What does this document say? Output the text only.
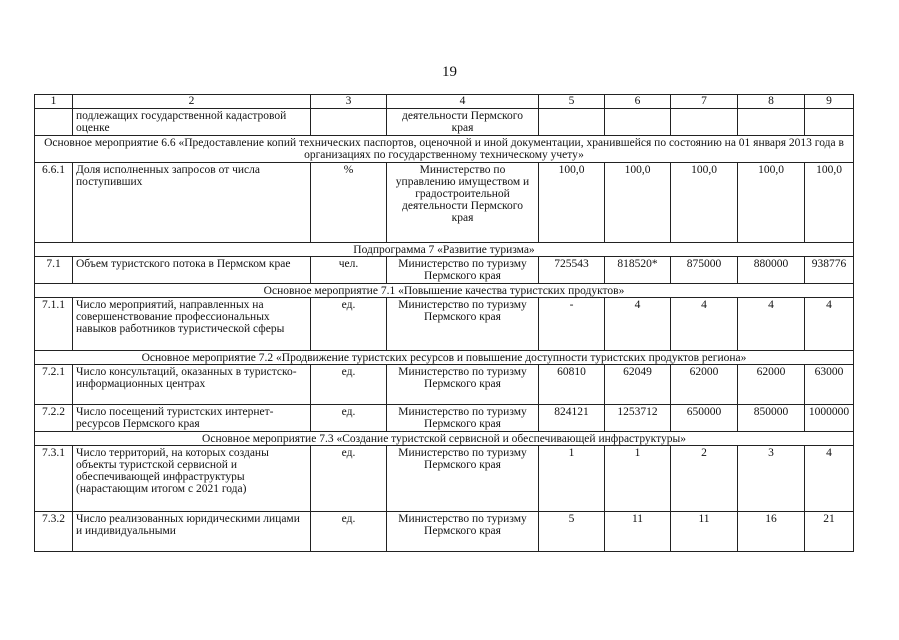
19
1	2	3	4	5	6	7	8	9
	подлежащих государственной кадастровой оценке		деятельности Пермского края					
Основное мероприятие 6.6 «Предоставление копий технических паспортов, оценочной и иной документации, хранившейся по состоянию на 01 января 2013 года в организациях по государственному техническому учету»								
6.6.1	Доля исполненных запросов от числа поступивших	%	Министерство по управлению имуществом и градостроительной деятельности Пермского края	100,0	100,0	100,0	100,0	100,0
Подпрограмма 7 «Развитие туризма»								
7.1	Объем туристского потока в Пермском крае	чел.	Министерство по туризму Пермского края	725543	818520*	875000	880000	938776
Основное мероприятие 7.1 «Повышение качества туристских продуктов»								
7.1.1	Число мероприятий, направленных на совершенствование профессиональных навыков работников туристической сферы	ед.	Министерство по туризму Пермского края	-	4	4	4	4
Основное мероприятие 7.2 «Продвижение туристских ресурсов и повышение доступности туристских продуктов региона»								
7.2.1	Число консультаций, оказанных в туристско-информационных центрах	ед.	Министерство по туризму Пермского края	60810	62049	62000	62000	63000
7.2.2	Число посещений туристских интернет-ресурсов Пермского края	ед.	Министерство по туризму Пермского края	824121	1253712	650000	850000	1000000
Основное мероприятие 7.3 «Создание туристской сервисной и обеспечивающей инфраструктуры»								
7.3.1	Число территорий, на которых созданы объекты туристской сервисной и обеспечивающей инфраструктуры (нарастающим итогом с 2021 года)	ед.	Министерство по туризму Пермского края	1	1	2	3	4
7.3.2	Число реализованных юридическими лицами и индивидуальными	ед.	Министерство по туризму Пермского края	5	11	11	16	21
